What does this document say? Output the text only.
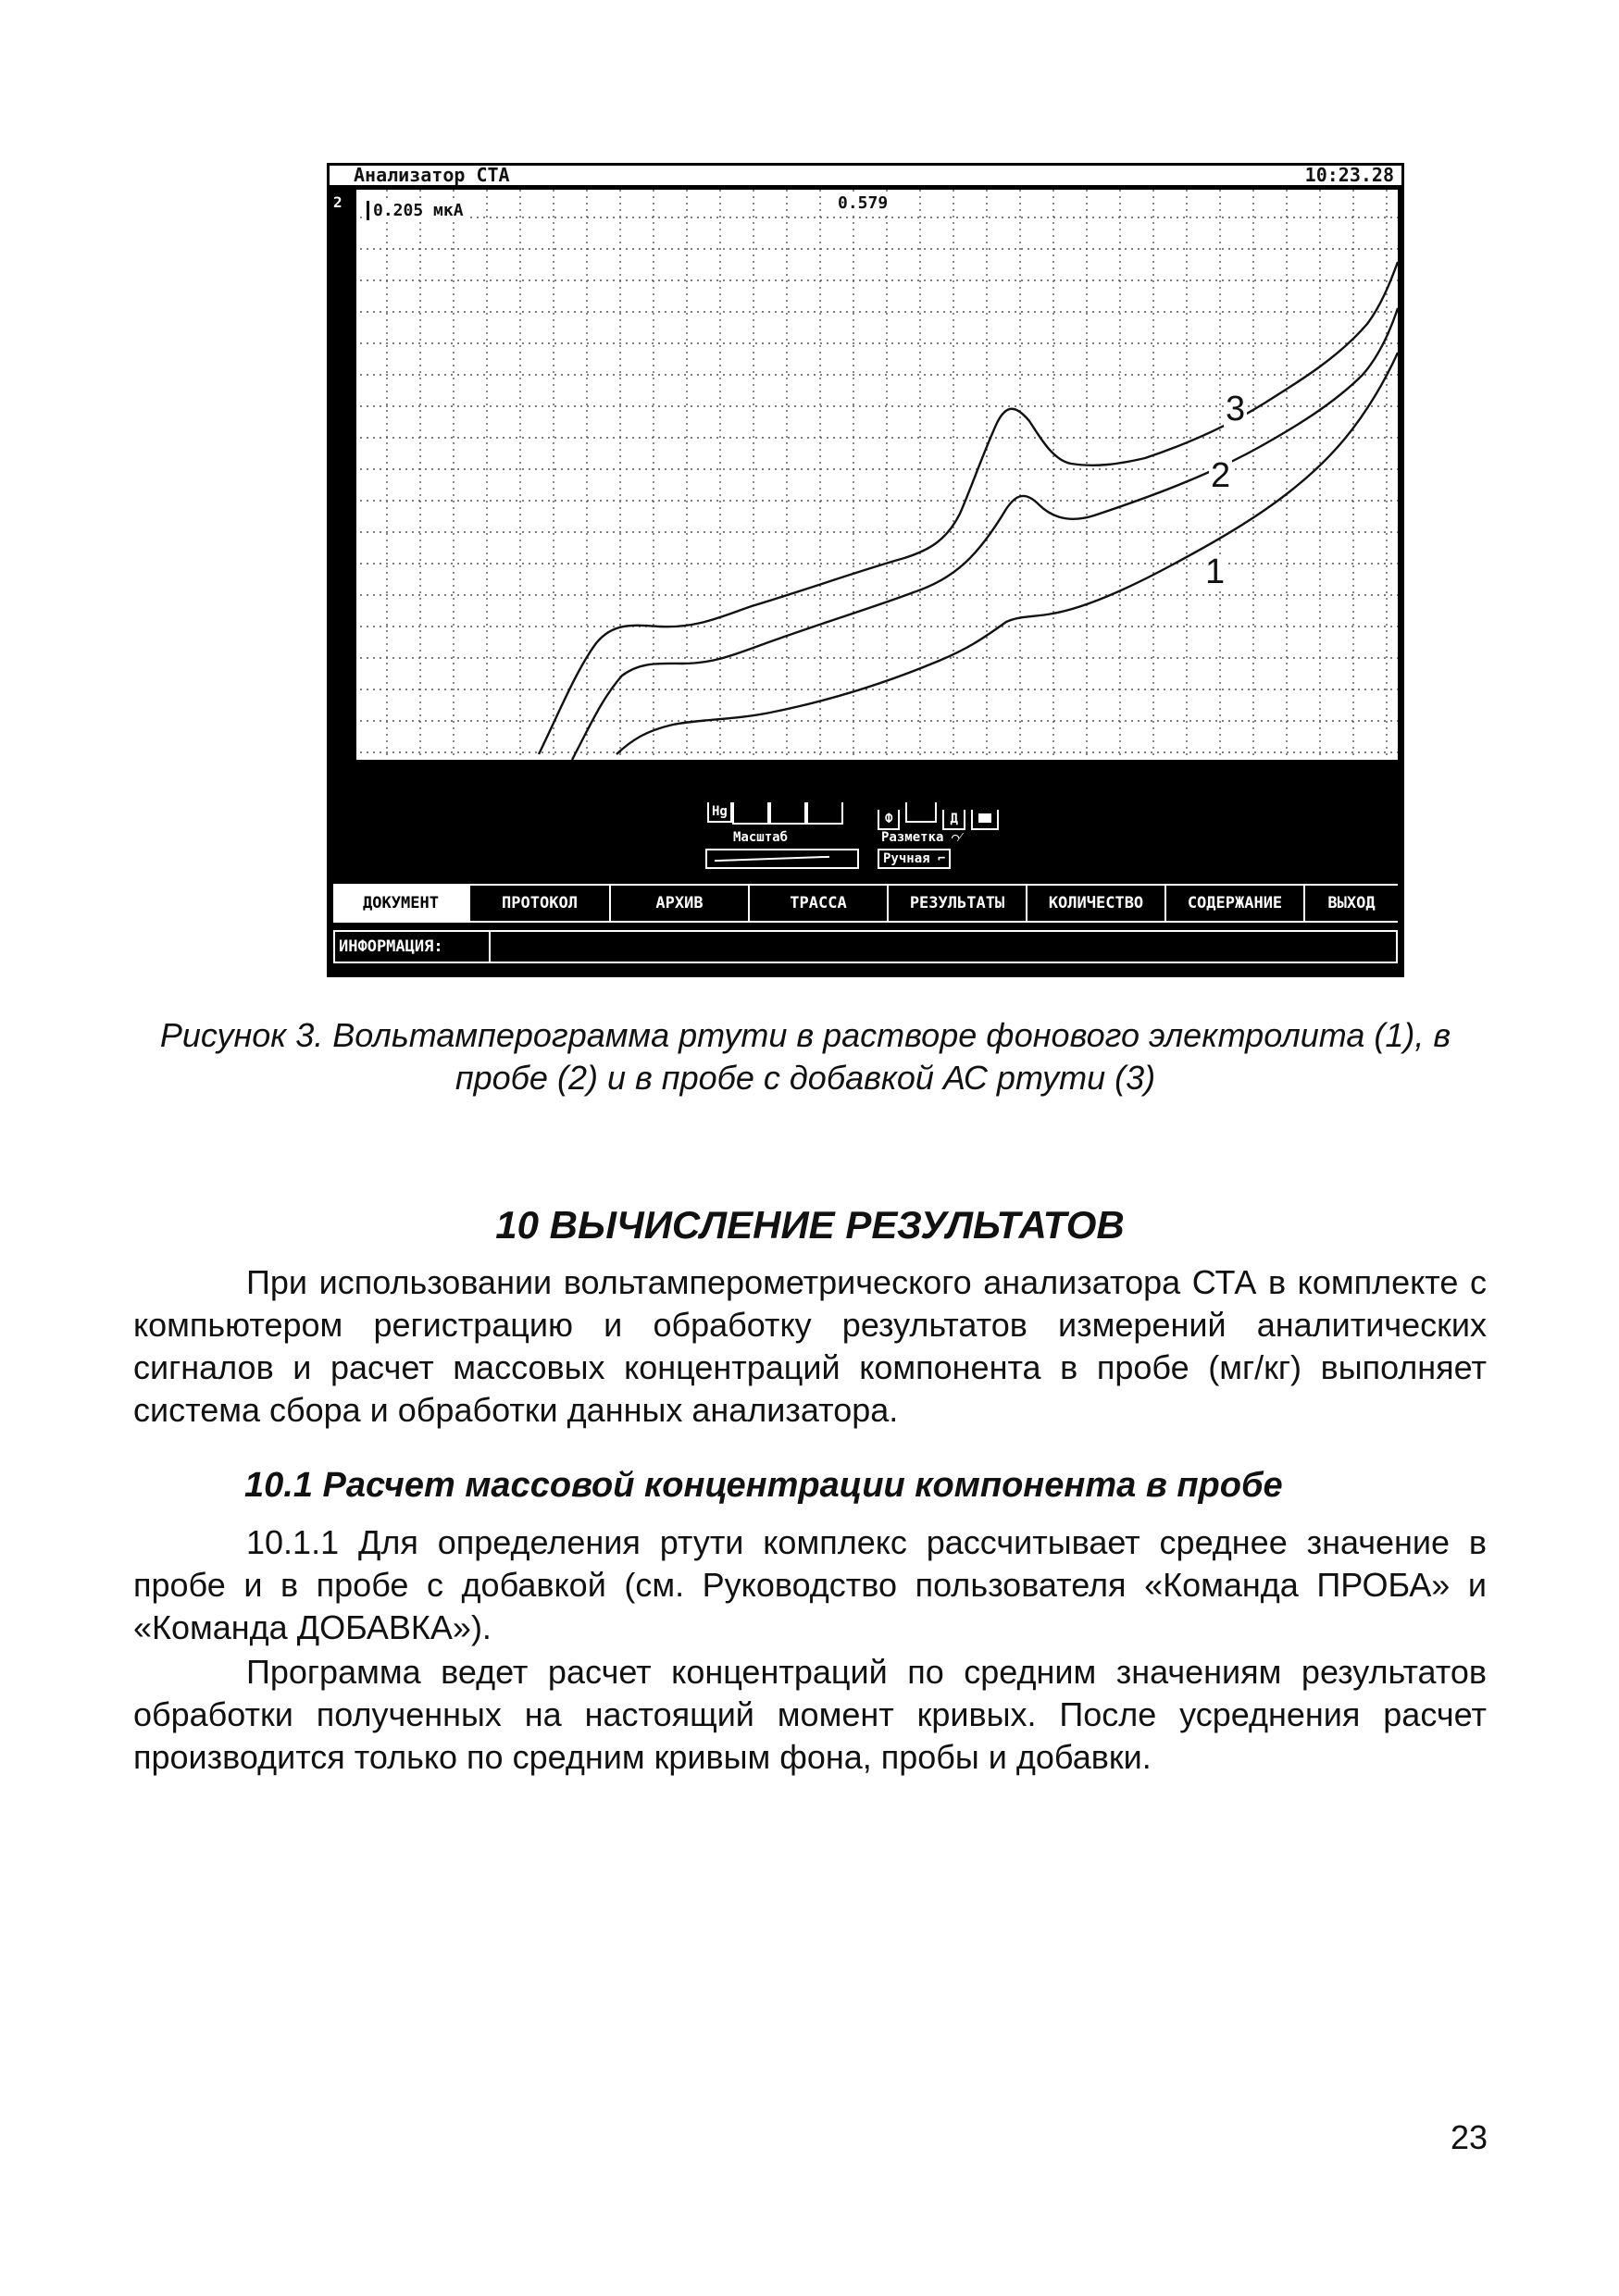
Анализатор СТА	10:23.28
2	0.205 мкА	0.579
3
2
1
Hg
Масштаб
Ф	Д
Разметка ⌒⁄
Ручная ⌐
ДОКУМЕНТ	ПРОТОКОЛ	АРХИВ	ТРАССА	РЕЗУЛЬТАТЫ	КОЛИЧЕСТВО	СОДЕРЖАНИЕ	ВЫХОД
ИНФОРМАЦИЯ:
Рисунок 3. Вольтамперограмма ртути в растворе фонового электролита (1), в пробе (2) и в пробе с добавкой АС ртути (3)
10 ВЫЧИСЛЕНИЕ РЕЗУЛЬТАТОВ
При использовании вольтамперометрического анализатора СТА в комплекте с компьютером регистрацию и обработку результатов измерений аналитических сигналов и расчет массовых концентраций компонента в пробе (мг/кг) выполняет система сбора и обработки данных анализатора.
10.1 Расчет массовой концентрации компонента в пробе
10.1.1 Для определения ртути комплекс рассчитывает среднее значение в пробе и в пробе с добавкой (см. Руководство пользователя «Команда ПРОБА» и «Команда ДОБАВКА»).
Программа ведет расчет концентраций по средним значениям результатов обработки полученных на настоящий момент кривых. После усреднения расчет производится только по средним кривым фона, пробы и добавки.
23
